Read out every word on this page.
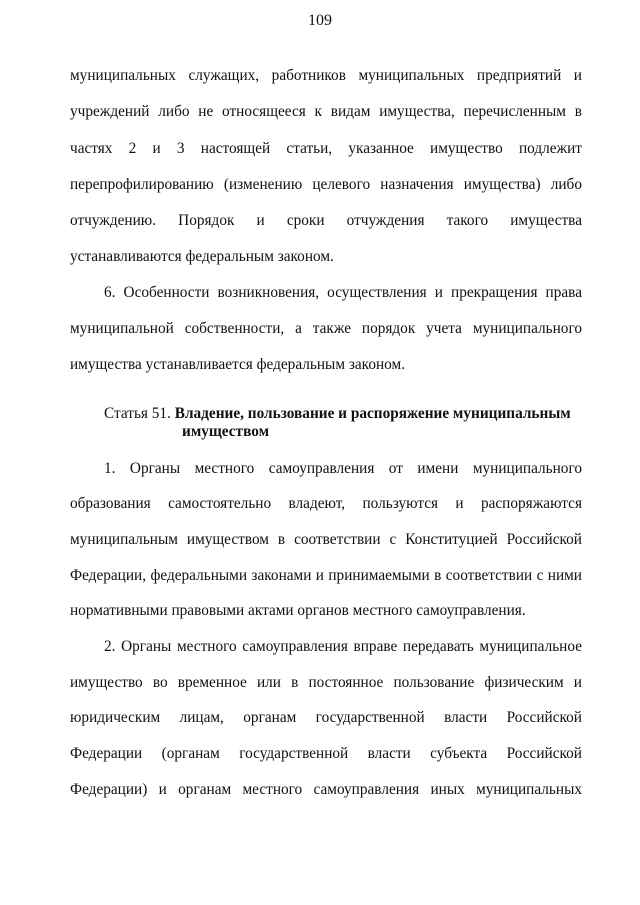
109
муниципальных служащих, работников муниципальных предприятий и
учреждений либо не относящееся к видам имущества, перечисленным в
частях 2 и 3 настоящей статьи, указанное имущество подлежит
перепрофилированию (изменению целевого назначения имущества) либо
отчуждению. Порядок и сроки отчуждения такого имущества
устанавливаются федеральным законом.
6. Особенности возникновения, осуществления и прекращения права
муниципальной собственности, а также порядок учета муниципального
имущества устанавливается федеральным законом.
Статья 51. Владение, пользование и распоряжение муниципальным
имуществом
1. Органы местного самоуправления от имени муниципального
образования самостоятельно владеют, пользуются и распоряжаются
муниципальным имуществом в соответствии с Конституцией Российской
Федерации, федеральными законами и принимаемыми в соответствии с ними
нормативными правовыми актами органов местного самоуправления.
2. Органы местного самоуправления вправе передавать муниципальное
имущество во временное или в постоянное пользование физическим и
юридическим лицам, органам государственной власти Российской
Федерации (органам государственной власти субъекта Российской
Федерации) и органам местного самоуправления иных муниципальных
